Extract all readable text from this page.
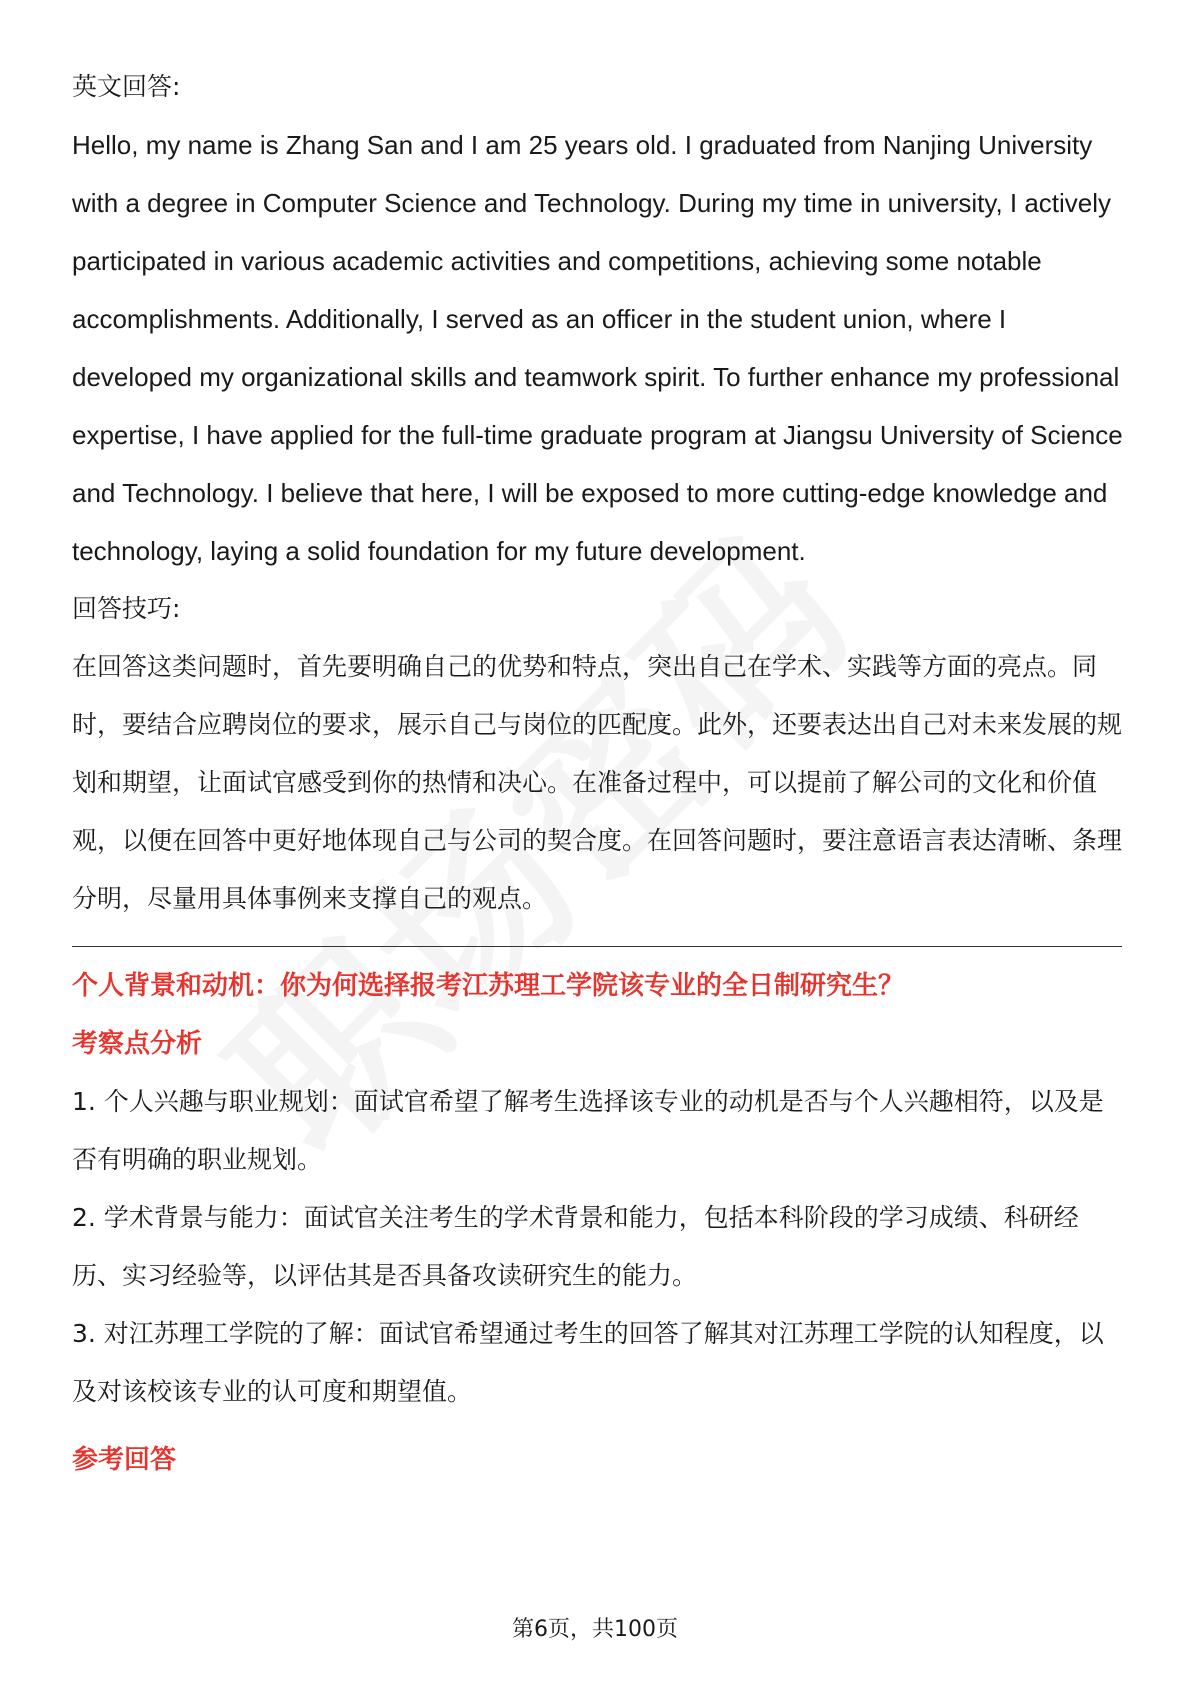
英文回答:

Hello, my name is Zhang San and I am 25 years old. I graduated from Nanjing University with a degree in Computer Science and Technology. During my time in university, I actively participated in various academic activities and competitions, achieving some notable accomplishments. Additionally, I served as an officer in the student union, where I developed my organizational skills and teamwork spirit. To further enhance my professional expertise, I have applied for the full-time graduate program at Jiangsu University of Science and Technology. I believe that here, I will be exposed to more cutting-edge knowledge and technology, laying a solid foundation for my future development.

回答技巧:

在回答这类问题时，首先要明确自己的优势和特点，突出自己在学术、实践等方面的亮点。同时，要结合应聘岗位的要求，展示自己与岗位的匹配度。此外，还要表达出自己对未来发展的规划和期望，让面试官感受到你的热情和决心。在准备过程中，可以提前了解公司的文化和价值观，以便在回答中更好地体现自己与公司的契合度。在回答问题时，要注意语言表达清晰、条理分明，尽量用具体事例来支撑自己的观点。

个人背景和动机：你为何选择报考江苏理工学院该专业的全日制研究生？

考察点分析

1. 个人兴趣与职业规划：面试官希望了解考生选择该专业的动机是否与个人兴趣相符，以及是否有明确的职业规划。

2. 学术背景与能力：面试官关注考生的学术背景和能力，包括本科阶段的学习成绩、科研经历、实习经验等，以评估其是否具备攻读研究生的能力。

3. 对江苏理工学院的了解：面试官希望通过考生的回答了解其对江苏理工学院的认知程度，以及对该校该专业的认可度和期望值。

参考回答

第6页，共100页
